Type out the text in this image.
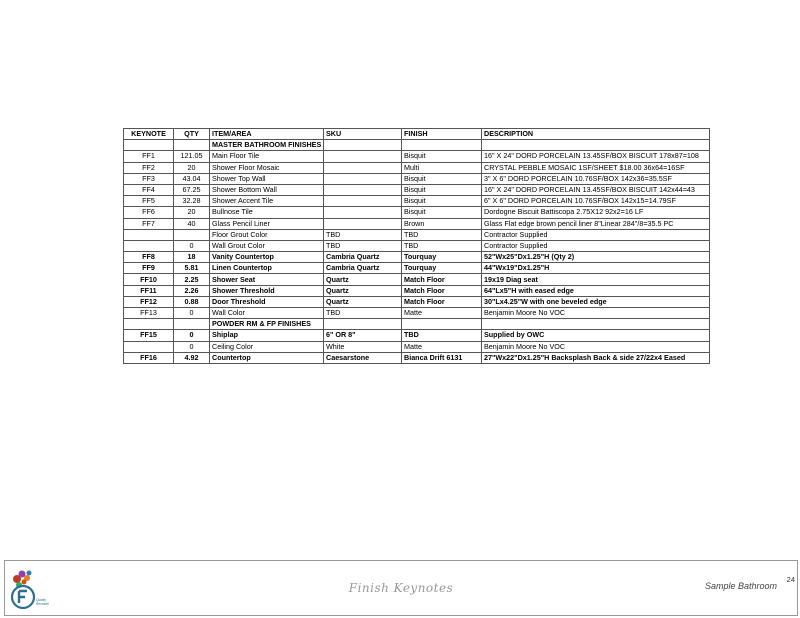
KEYNOTE	QTY	ITEM/AREA	SKU	FINISH	DESCRIPTION
		MASTER BATHROOM FINISHES			
FF1	121.05	Main Floor Tile		Bisquit	16" X 24" DORD PORCELAIN 13.45SF/BOX BISCUIT 178x87=108
FF2	20	Shower Floor Mosaic		Multi	CRYSTAL PEBBLE MOSAIC 1SF/SHEET $18.00 36x64=16SF
FF3	43.04	Shower Top Wall		Bisquit	3" X 6" DORD PORCELAIN 10.76SF/BOX 142x36=35.5SF
FF4	67.25	Shower Bottom Wall		Bisquit	16" X 24" DORD PORCELAIN 13.45SF/BOX BISCUIT 142x44=43
FF5	32.28	Shower Accent Tile		Bisquit	6" X 6" DORD PORCELAIN 10.76SF/BOX 142x15=14.79SF
FF6	20	Bullnose Tile		Bisquit	Dordogne Biscuit Battiscopa 2.75X12 92x2=16 LF
FF7	40	Glass Pencil Liner		Brown	Glass Flat edge brown pencil liner 8"Linear 284"/8=35.5 PC
		Floor Grout Color	TBD	TBD	Contractor Supplied
	0	Wall Grout Color	TBD	TBD	Contractor Supplied
FF8	18	Vanity Countertop	Cambria Quartz	Tourquay	52"Wx25"Dx1.25"H (Qty 2)
FF9	5.81	Linen Countertop	Cambria Quartz	Tourquay	44"Wx19"Dx1.25"H
FF10	2.25	Shower Seat	Quartz	Match Floor	19x19 Diag seat
FF11	2.26	Shower Threshold	Quartz	Match Floor	64"Lx5"H with eased edge
FF12	0.88	Door Threshold	Quartz	Match Floor	30"Lx4.25"W with one beveled edge
FF13	0	Wall Color	TBD	Matte	Benjamin Moore No VOC
		POWDER RM & FP FINISHES			
FF15	0	Shiplap	6" OR 8"	TBD	Supplied by OWC
	0	Ceiling Color	White	Matte	Benjamin Moore No VOC
FF16	4.92	Countertop	Caesarstone	Bianca Drift 6131	27"Wx22"Dx1.25"H Backsplash Back & side 27/22x4 Eased
Quality
Remodel
Finish Keynotes	Sample Bathroom
24
